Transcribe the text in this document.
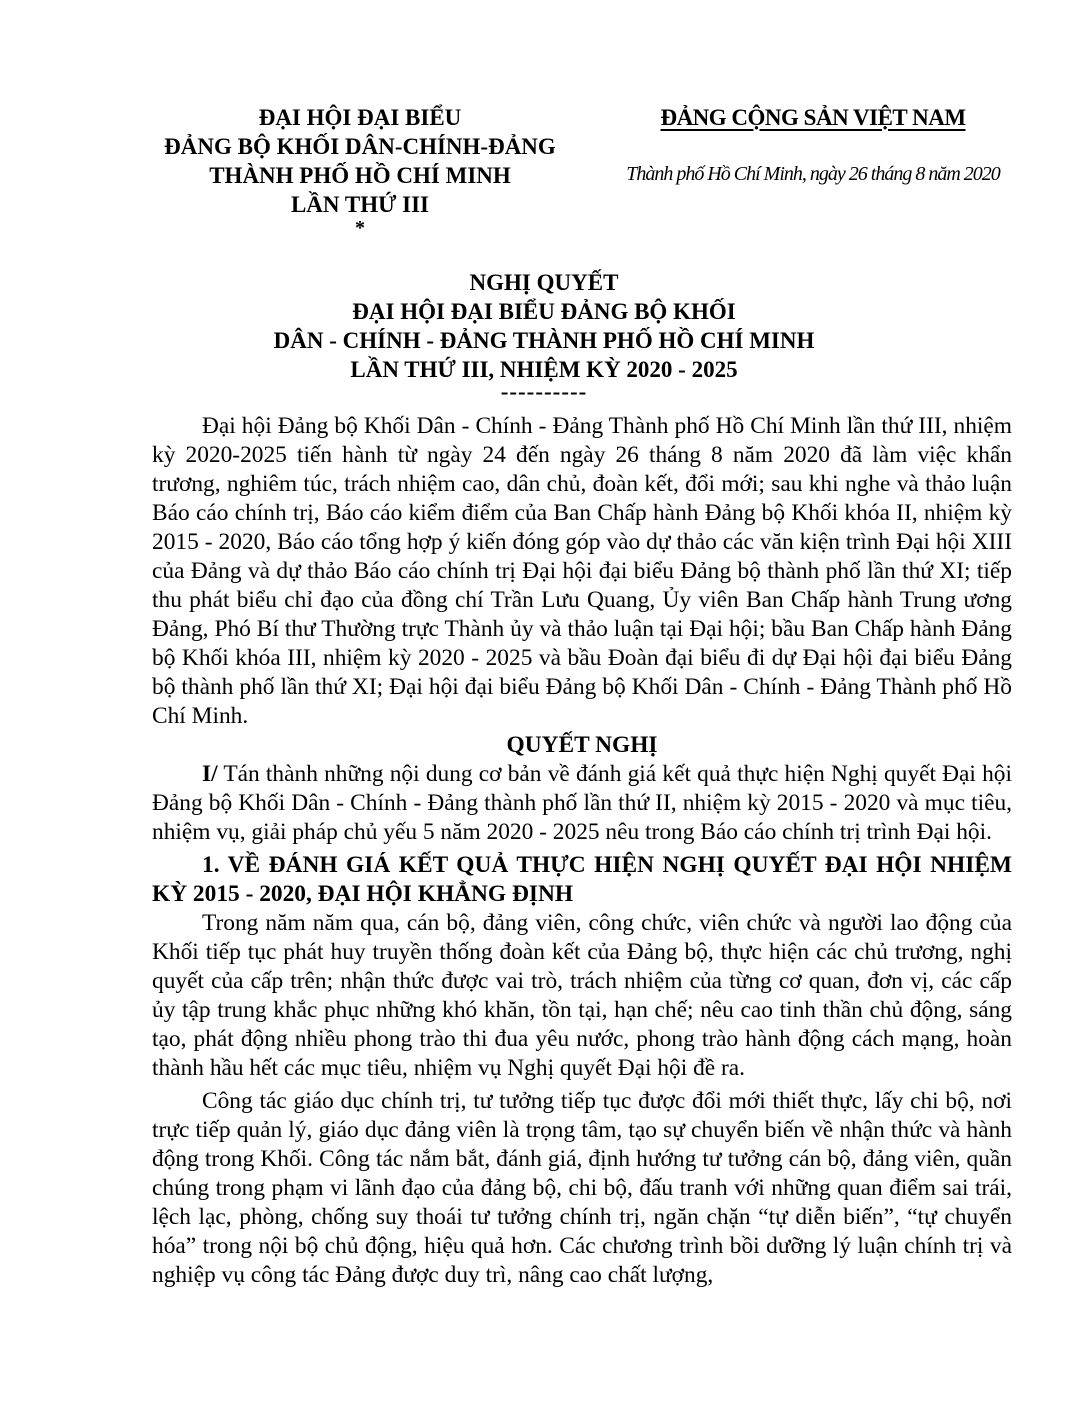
ĐẠI HỘI ĐẠI BIỂU
ĐẢNG BỘ KHỐI DÂN-CHÍNH-ĐẢNG
THÀNH PHỐ HỒ CHÍ MINH
LẦN THỨ III
*
ĐẢNG CỘNG SẢN VIỆT NAM
Thành phố Hồ Chí Minh, ngày 26 tháng 8 năm 2020
NGHỊ QUYẾT
ĐẠI HỘI ĐẠI BIỂU ĐẢNG BỘ KHỐI
DÂN - CHÍNH - ĐẢNG THÀNH PHỐ HỒ CHÍ MINH
LẦN THỨ III, NHIỆM KỲ 2020 - 2025
----------

Đại hội Đảng bộ Khối Dân - Chính - Đảng Thành phố Hồ Chí Minh lần thứ III, nhiệm kỳ 2020-2025 tiến hành từ ngày 24 đến ngày 26 tháng 8 năm 2020 đã làm việc khẩn trương, nghiêm túc, trách nhiệm cao, dân chủ, đoàn kết, đổi mới; sau khi nghe và thảo luận Báo cáo chính trị, Báo cáo kiểm điểm của Ban Chấp hành Đảng bộ Khối khóa II, nhiệm kỳ 2015 - 2020, Báo cáo tổng hợp ý kiến đóng góp vào dự thảo các văn kiện trình Đại hội XIII của Đảng và dự thảo Báo cáo chính trị Đại hội đại biểu Đảng bộ thành phố lần thứ XI; tiếp thu phát biểu chỉ đạo của đồng chí Trần Lưu Quang, Ủy viên Ban Chấp hành Trung ương Đảng, Phó Bí thư Thường trực Thành ủy và thảo luận tại Đại hội; bầu Ban Chấp hành Đảng bộ Khối khóa III, nhiệm kỳ 2020 - 2025 và bầu Đoàn đại biểu đi dự Đại hội đại biểu Đảng bộ thành phố lần thứ XI; Đại hội đại biểu Đảng bộ Khối Dân - Chính - Đảng Thành phố Hồ Chí Minh.

QUYẾT NGHỊ

I/ Tán thành những nội dung cơ bản về đánh giá kết quả thực hiện Nghị quyết Đại hội Đảng bộ Khối Dân - Chính - Đảng thành phố lần thứ II, nhiệm kỳ 2015 - 2020 và mục tiêu, nhiệm vụ, giải pháp chủ yếu 5 năm 2020 - 2025 nêu trong Báo cáo chính trị trình Đại hội.

1. VỀ ĐÁNH GIÁ KẾT QUẢ THỰC HIỆN NGHỊ QUYẾT ĐẠI HỘI NHIỆM KỲ 2015 - 2020, ĐẠI HỘI KHẲNG ĐỊNH

Trong năm năm qua, cán bộ, đảng viên, công chức, viên chức và người lao động của Khối tiếp tục phát huy truyền thống đoàn kết của Đảng bộ, thực hiện các chủ trương, nghị quyết của cấp trên; nhận thức được vai trò, trách nhiệm của từng cơ quan, đơn vị, các cấp ủy tập trung khắc phục những khó khăn, tồn tại, hạn chế; nêu cao tinh thần chủ động, sáng tạo, phát động nhiều phong trào thi đua yêu nước, phong trào hành động cách mạng, hoàn thành hầu hết các mục tiêu, nhiệm vụ Nghị quyết Đại hội đề ra.

Công tác giáo dục chính trị, tư tưởng tiếp tục được đổi mới thiết thực, lấy chi bộ, nơi trực tiếp quản lý, giáo dục đảng viên là trọng tâm, tạo sự chuyển biến về nhận thức và hành động trong Khối. Công tác nắm bắt, đánh giá, định hướng tư tưởng cán bộ, đảng viên, quần chúng trong phạm vi lãnh đạo của đảng bộ, chi bộ, đấu tranh với những quan điểm sai trái, lệch lạc, phòng, chống suy thoái tư tưởng chính trị, ngăn chặn “tự diễn biến”, “tự chuyển hóa” trong nội bộ chủ động, hiệu quả hơn. Các chương trình bồi dưỡng lý luận chính trị và nghiệp vụ công tác Đảng được duy trì, nâng cao chất lượng,
